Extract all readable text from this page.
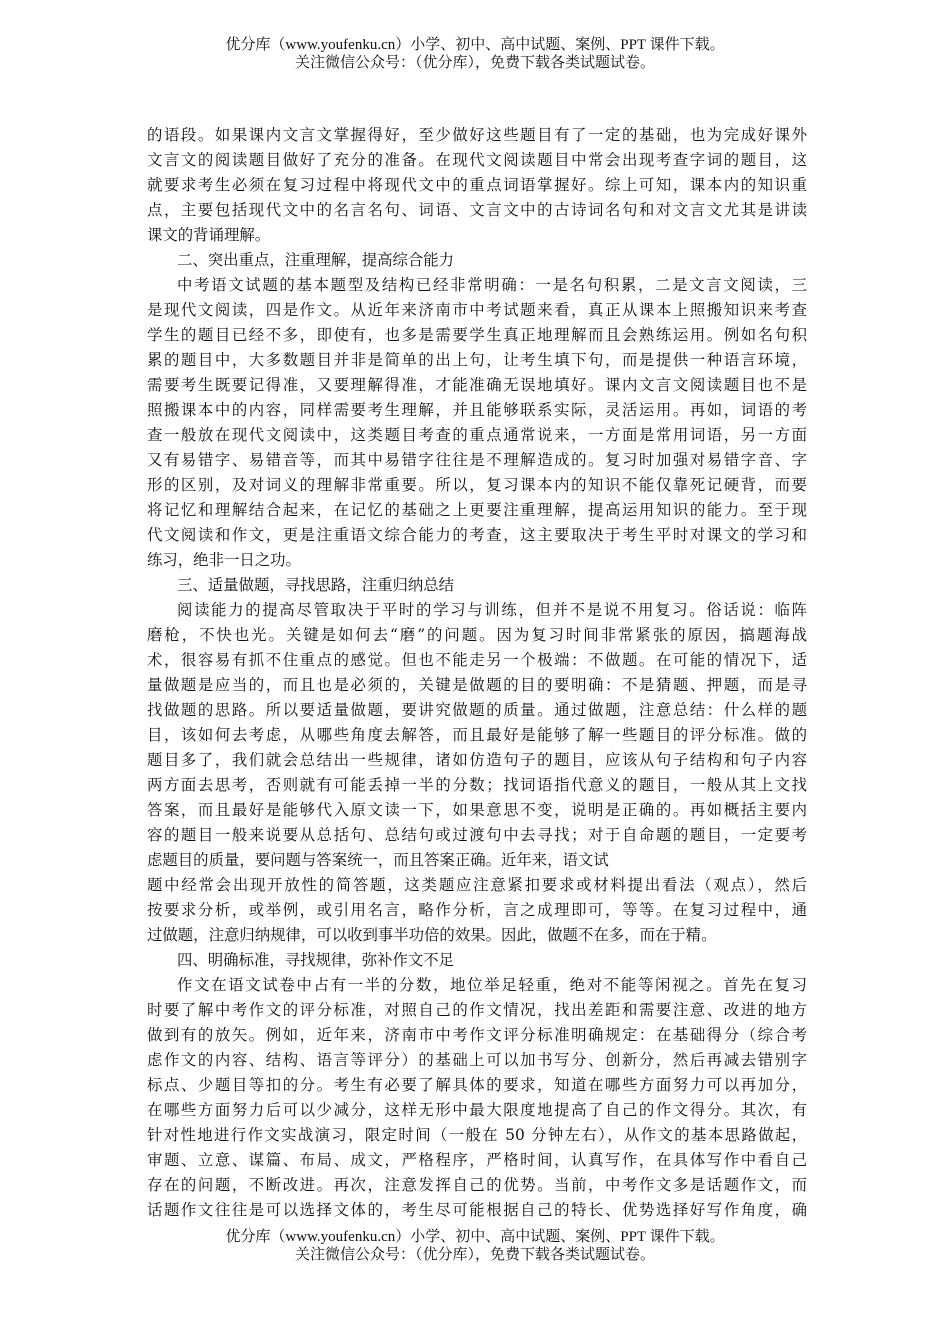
优分库（www.youfenku.cn）小学、初中、高中试题、案例、PPT 课件下载。
关注微信公众号：（优分库），免费下载各类试题试卷。
的语段。如果课内文言文掌握得好，至少做好这些题目有了一定的基础，也为完成好课外
文言文的阅读题目做好了充分的准备。在现代文阅读题目中常会出现考查字词的题目，这
就要求考生必须在复习过程中将现代文中的重点词语掌握好。综上可知，课本内的知识重
点，主要包括现代文中的名言名句、词语、文言文中的古诗词名句和对文言文尤其是讲读
课文的背诵理解。
二、突出重点，注重理解，提高综合能力
中考语文试题的基本题型及结构已经非常明确：一是名句积累，二是文言文阅读，三
是现代文阅读，四是作文。从近年来济南市中考试题来看，真正从课本上照搬知识来考查
学生的题目已经不多，即使有，也多是需要学生真正地理解而且会熟练运用。例如名句积
累的题目中，大多数题目并非是简单的出上句，让考生填下句，而是提供一种语言环境，
需要考生既要记得准，又要理解得准，才能准确无误地填好。课内文言文阅读题目也不是
照搬课本中的内容，同样需要考生理解，并且能够联系实际，灵活运用。再如，词语的考
查一般放在现代文阅读中，这类题目考查的重点通常说来，一方面是常用词语，另一方面
又有易错字、易错音等，而其中易错字往往是不理解造成的。复习时加强对易错字音、字
形的区别，及对词义的理解非常重要。所以，复习课本内的知识不能仅靠死记硬背，而要
将记忆和理解结合起来，在记忆的基础之上更要注重理解，提高运用知识的能力。至于现
代文阅读和作文，更是注重语文综合能力的考查，这主要取决于考生平时对课文的学习和
练习，绝非一日之功。
三、适量做题，寻找思路，注重归纳总结
阅读能力的提高尽管取决于平时的学习与训练，但并不是说不用复习。俗话说：临阵
磨枪，不快也光。关键是如何去“磨”的问题。因为复习时间非常紧张的原因，搞题海战
术，很容易有抓不住重点的感觉。但也不能走另一个极端：不做题。在可能的情况下，适
量做题是应当的，而且也是必须的，关键是做题的目的要明确：不是猜题、押题，而是寻
找做题的思路。所以要适量做题，要讲究做题的质量。通过做题，注意总结：什么样的题
目，该如何去考虑，从哪些角度去解答，而且最好是能够了解一些题目的评分标准。做的
题目多了，我们就会总结出一些规律，诸如仿造句子的题目，应该从句子结构和句子内容
两方面去思考，否则就有可能丢掉一半的分数；找词语指代意义的题目，一般从其上文找
答案，而且最好是能够代入原文读一下，如果意思不变，说明是正确的。再如概括主要内
容的题目一般来说要从总括句、总结句或过渡句中去寻找；对于自命题的题目，一定要考
虑题目的质量，要问题与答案统一，而且答案正确。近年来，语文试
题中经常会出现开放性的简答题，这类题应注意紧扣要求或材料提出看法（观点），然后
按要求分析，或举例，或引用名言，略作分析，言之成理即可，等等。在复习过程中，通
过做题，注意归纳规律，可以收到事半功倍的效果。因此，做题不在多，而在于精。
四、明确标准，寻找规律，弥补作文不足
作文在语文试卷中占有一半的分数，地位举足轻重，绝对不能等闲视之。首先在复习
时要了解中考作文的评分标准，对照自己的作文情况，找出差距和需要注意、改进的地方
做到有的放矢。例如，近年来，济南市中考作文评分标准明确规定：在基础得分（综合考
虑作文的内容、结构、语言等评分）的基础上可以加书写分、创新分，然后再减去错别字
标点、少题目等扣的分。考生有必要了解具体的要求，知道在哪些方面努力可以再加分，
在哪些方面努力后可以少减分，这样无形中最大限度地提高了自己的作文得分。其次，有
针对性地进行作文实战演习，限定时间（一般在 50 分钟左右），从作文的基本思路做起，
审题、立意、谋篇、布局、成文，严格程序，严格时间，认真写作，在具体写作中看自己
存在的问题，不断改进。再次，注意发挥自己的优势。当前，中考作文多是话题作文，而
话题作文往往是可以选择文体的，考生尽可能根据自己的特长、优势选择好写作角度，确
优分库（www.youfenku.cn）小学、初中、高中试题、案例、PPT 课件下载。
关注微信公众号：（优分库），免费下载各类试题试卷。
